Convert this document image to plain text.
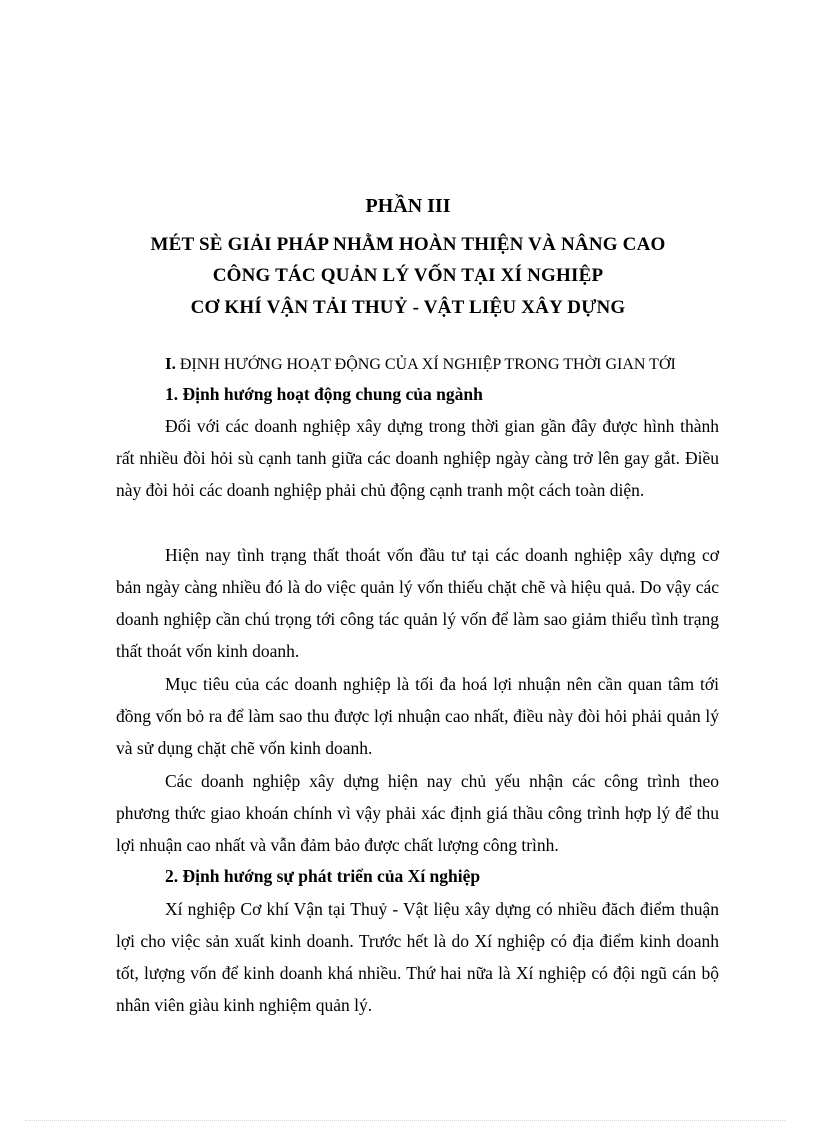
PHẦN III
MÉT SÈ GIẢI PHÁP NHẰM HOÀN THIỆN VÀ NÂNG CAO
CÔNG TÁC QUẢN LÝ VỐN TẠI XÍ NGHIỆP
CƠ KHÍ VẬN TẢI THUỶ - VẬT LIỆU XÂY DỰNG
I. ĐỊNH HƯỚNG HOẠT ĐỘNG CỦA XÍ NGHIỆP TRONG THỜI GIAN TỚI
1. Định hướng hoạt động chung của ngành

Đối với các doanh nghiệp xây dựng trong thời gian gần đây được hình thành rất nhiều đòi hỏi sù cạnh tanh giữa các doanh nghiệp ngày càng trở lên gay gắt. Điều này đòi hỏi các doanh nghiệp phải chủ động cạnh tranh một cách toàn diện.

Hiện nay tình trạng thất thoát vốn đầu tư tại các doanh nghiệp xây dựng cơ bản ngày càng nhiều đó là do việc quản lý vốn thiếu chặt chẽ và hiệu quả. Do vậy các doanh nghiệp cần chú trọng tới công tác quản lý vốn để làm sao giảm thiểu tình trạng thất thoát vốn kinh doanh.

Mục tiêu của các doanh nghiệp là tối đa hoá lợi nhuận nên cần quan tâm tới đồng vốn bỏ ra để làm sao thu được lợi nhuận cao nhất, điều này đòi hỏi phải quản lý và sử dụng chặt chẽ vốn kinh doanh.

Các doanh nghiệp xây dựng hiện nay chủ yếu nhận các công trình theo phương thức giao khoán chính vì vậy phải xác định giá thầu công trình hợp lý để thu lợi nhuận cao nhất và vẫn đảm bảo được chất lượng công trình.

2. Định hướng sự phát triển của Xí nghiệp

Xí nghiệp Cơ khí Vận tại Thuỷ - Vật liệu xây dựng có nhiều đăch điểm thuận lợi cho việc sản xuất kinh doanh. Trước hết là do Xí nghiệp có địa điểm kinh doanh tốt, lượng vốn để kinh doanh khá nhiều. Thứ hai nữa là Xí nghiệp có đội ngũ cán bộ nhân viên giàu kinh nghiệm quản lý.
